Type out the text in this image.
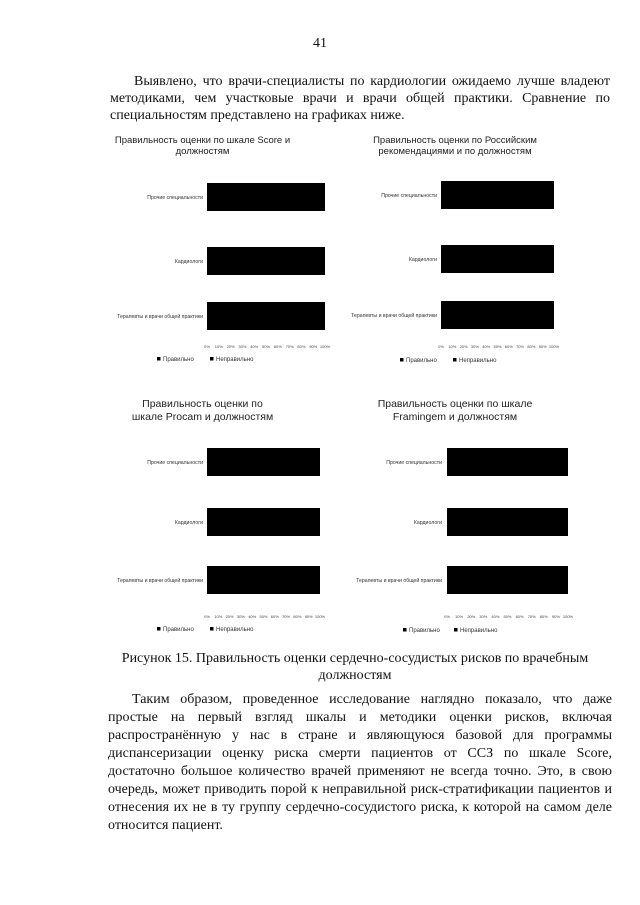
41
Выявлено, что врачи-специалисты по кардиологии ожидаемо лучше владеют методиками, чем участковые врачи и врачи общей практики. Сравнение по специальностям представлено на графиках ниже.
Правильность оценки по шкале Score и должностям
Прочие специальности
Кардиологи
Терапевты и врачи общей практики
0% 10% 20% 30% 40% 50% 60% 70% 80% 90% 100%
Правильно	Неправильно
Правильность оценки по Российским рекомендациями и по должностям
Прочие специальности
Кардиологи
Терапевты и врачи общей практики
0% 10% 20% 30% 40% 50% 60% 70% 80% 90% 100%
Правильно	Неправильно
Правильность оценки по шкале Procam и должностям
Прочие специальности
Кардиологи
Терапевты и врачи общей практики
0% 10% 20% 30% 40% 50% 60% 70% 80% 90% 100%
Правильно	Неправильно
Правильность оценки по шкале Framingem и должностям
Прочие специальности
Кардиологи
Терапевты и врачи общей практики
0% 10% 20% 30% 40% 50% 60% 70% 80% 90% 100%
Правильно	Неправильно
Рисунок 15. Правильность оценки сердечно-сосудистых рисков по врачебным должностям
Таким образом, проведенное исследование наглядно показало, что даже простые на первый взгляд шкалы и методики оценки рисков, включая распространённую у нас в стране и являющуюся базовой для программы диспансеризации оценку риска смерти пациентов от ССЗ по шкале Score, достаточно большое количество врачей применяют не всегда точно. Это, в свою очередь, может приводить порой к неправильной риск-стратификации пациентов и отнесения их не в ту группу сердечно-сосудистого риска, к которой на самом деле относится пациент.
